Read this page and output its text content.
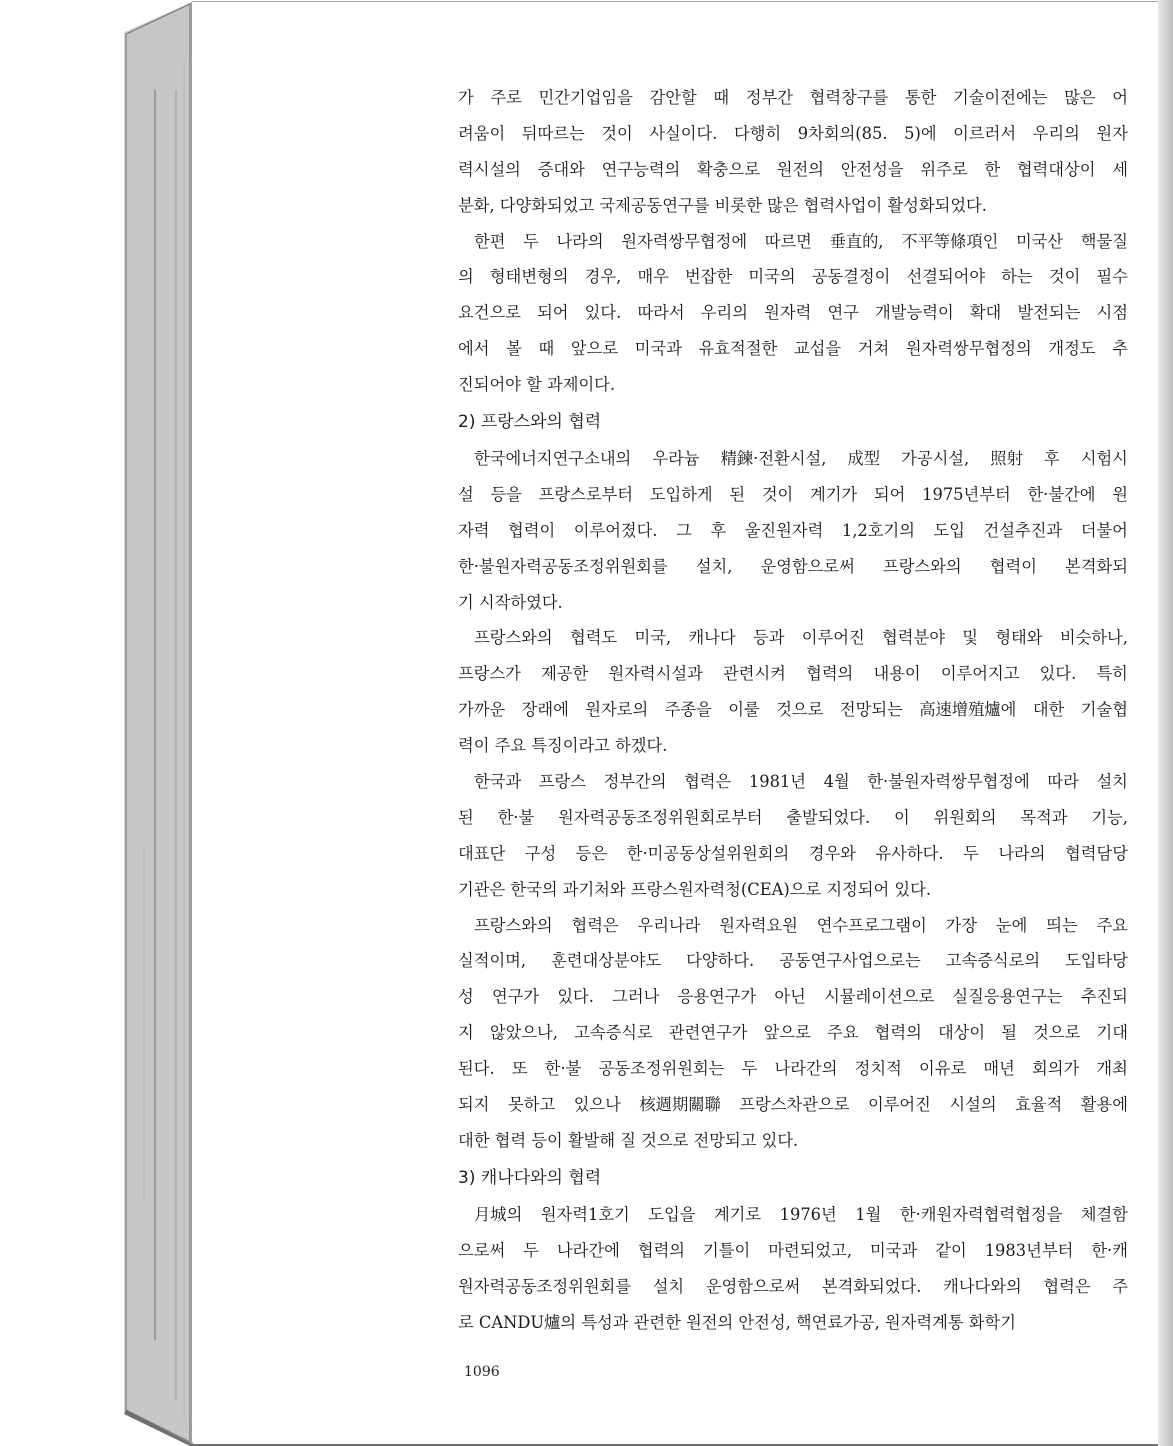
가 주로 민간기업임을 감안할 때 정부간 협력창구를 통한 기술이전에는 많은 어
려움이 뒤따르는 것이 사실이다. 다행히 9차회의(85. 5)에 이르러서 우리의 원자
력시설의 증대와 연구능력의 확충으로 원전의 안전성을 위주로 한 협력대상이 세
분화, 다양화되었고 국제공동연구를 비롯한 많은 협력사업이 활성화되었다.
한편 두 나라의 원자력쌍무협정에 따르면 垂直的, 不平等條項인 미국산 핵물질
의 형태변형의 경우, 매우 번잡한 미국의 공동결정이 선결되어야 하는 것이 필수
요건으로 되어 있다. 따라서 우리의 원자력 연구 개발능력이 확대 발전되는 시점
에서 볼 때 앞으로 미국과 유효적절한 교섭을 거쳐 원자력쌍무협정의 개정도 추
진되어야 할 과제이다.
2) 프랑스와의 협력
한국에너지연구소내의 우라늄 精鍊·전환시설, 成型 가공시설, 照射 후 시험시
설 등을 프랑스로부터 도입하게 된 것이 계기가 되어 1975년부터 한·불간에 원
자력 협력이 이루어졌다. 그 후 울진원자력 1,2호기의 도입 건설추진과 더불어
한·불원자력공동조정위원회를 설치, 운영함으로써 프랑스와의 협력이 본격화되
기 시작하였다.
프랑스와의 협력도 미국, 캐나다 등과 이루어진 협력분야 및 형태와 비슷하나,
프랑스가 제공한 원자력시설과 관련시켜 협력의 내용이 이루어지고 있다. 특히
가까운 장래에 원자로의 주종을 이룰 것으로 전망되는 高速增殖爐에 대한 기술협
력이 주요 특징이라고 하겠다.
한국과 프랑스 정부간의 협력은 1981년 4월 한·불원자력쌍무협정에 따라 설치
된 한·불 원자력공동조정위원회로부터 출발되었다. 이 위원회의 목적과 기능,
대표단 구성 등은 한·미공동상설위원회의 경우와 유사하다. 두 나라의 협력담당
기관은 한국의 과기처와 프랑스원자력청(CEA)으로 지정되어 있다.
프랑스와의 협력은 우리나라 원자력요원 연수프로그램이 가장 눈에 띄는 주요
실적이며, 훈련대상분야도 다양하다. 공동연구사업으로는 고속증식로의 도입타당
성 연구가 있다. 그러나 응용연구가 아닌 시뮬레이션으로 실질응용연구는 추진되
지 않았으나, 고속증식로 관련연구가 앞으로 주요 협력의 대상이 될 것으로 기대
된다. 또 한·불 공동조정위원회는 두 나라간의 정치적 이유로 매년 회의가 개최
되지 못하고 있으나 核週期關聯 프랑스차관으로 이루어진 시설의 효율적 활용에
대한 협력 등이 활발해 질 것으로 전망되고 있다.
3) 캐나다와의 협력
月城의 원자력1호기 도입을 계기로 1976년 1월 한·캐원자력협력협정을 체결함
으로써 두 나라간에 협력의 기틀이 마련되었고, 미국과 같이 1983년부터 한·캐
원자력공동조정위원회를 설치 운영함으로써 본격화되었다. 캐나다와의 협력은 주
로 CANDU爐의 특성과 관련한 원전의 안전성, 핵연료가공, 원자력계통 화학기
1096
